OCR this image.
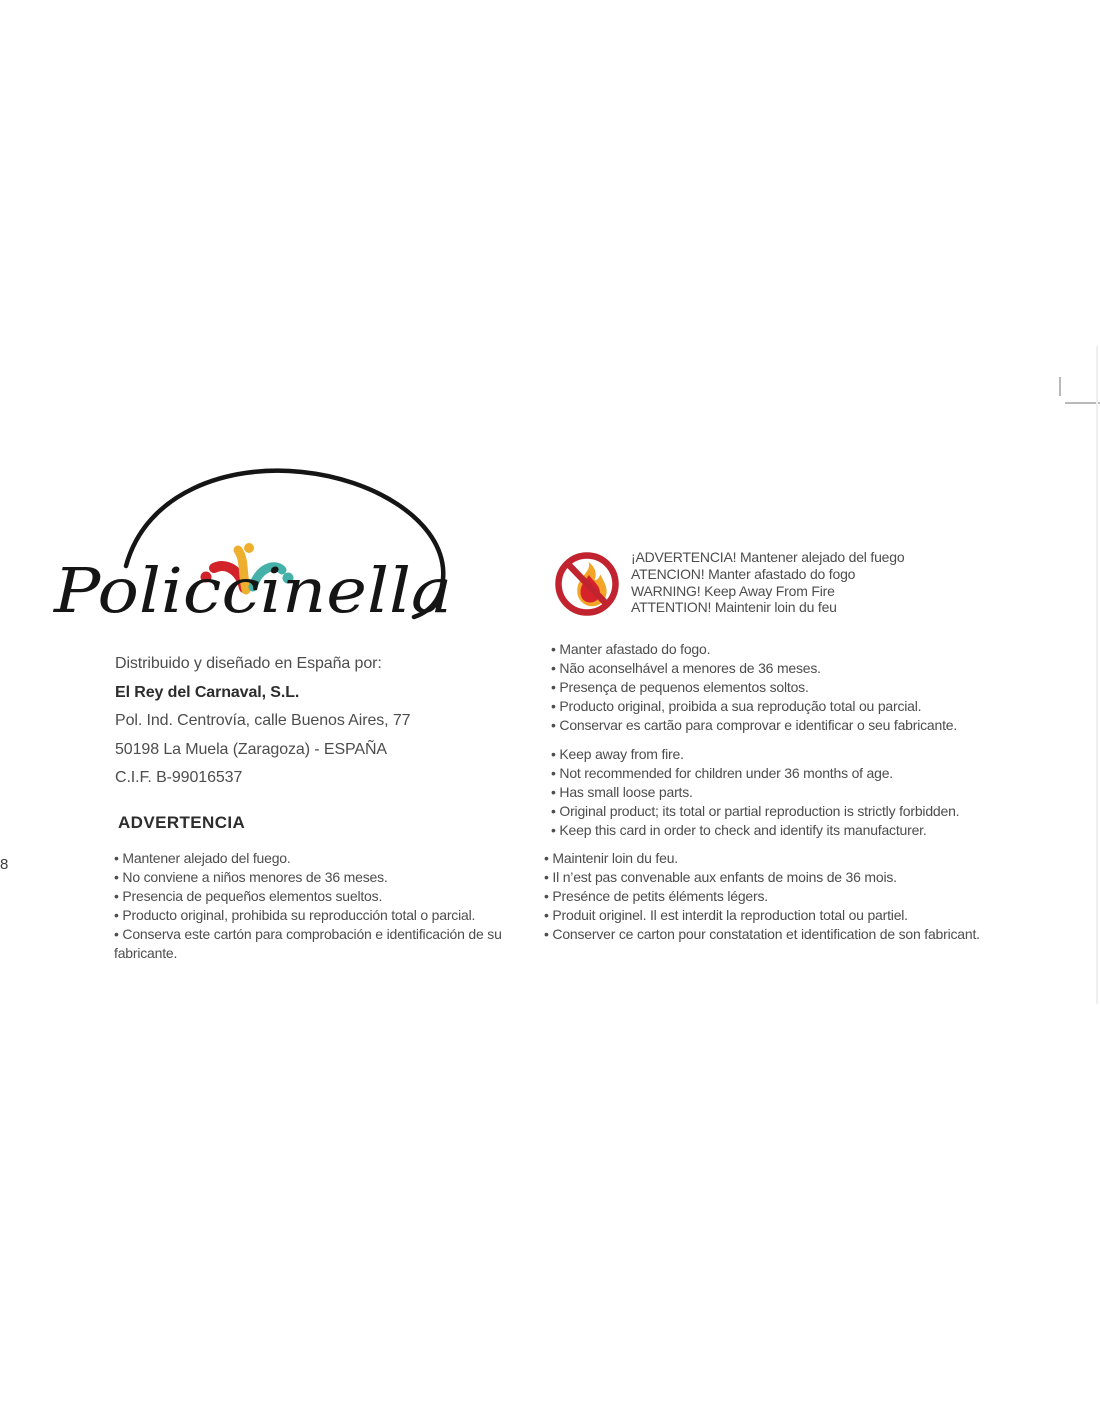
8
Policcinella
Distribuido y diseñado en España por:
El Rey del Carnaval, S.L.
Pol. Ind. Centrovía, calle Buenos Aires, 77
50198 La Muela (Zaragoza) - ESPAÑA
C.I.F. B-99016537
ADVERTENCIA
• Mantener alejado del fuego.
• No conviene a niños menores de 36 meses.
• Presencia de pequeños elementos sueltos.
• Producto original, prohibida su reproducción total o parcial.
• Conserva este cartón para comprobación e identificación de su fabricante.
¡ADVERTENCIA! Mantener alejado del fuego
ATENCION! Manter afastado do fogo
WARNING! Keep Away From Fire
ATTENTION! Maintenir loin du feu
• Manter afastado do fogo.
• Não aconselhável a menores de 36 meses.
• Presença de pequenos elementos soltos.
• Producto original, proibida a sua reprodução total ou parcial.
• Conservar es cartão para comprovar e identificar o seu fabricante.
• Keep away from fire.
• Not recommended for children under 36 months of age.
• Has small loose parts.
• Original product; its total or partial reproduction is strictly forbidden.
• Keep this card in order to check and identify its manufacturer.
• Maintenir loin du feu.
• Il n’est pas convenable aux enfants de moins de 36 mois.
• Presénce de petits éléments légers.
• Produit originel. Il est interdit la reproduction total ou partiel.
• Conserver ce carton pour constatation et identification de son fabricant.
